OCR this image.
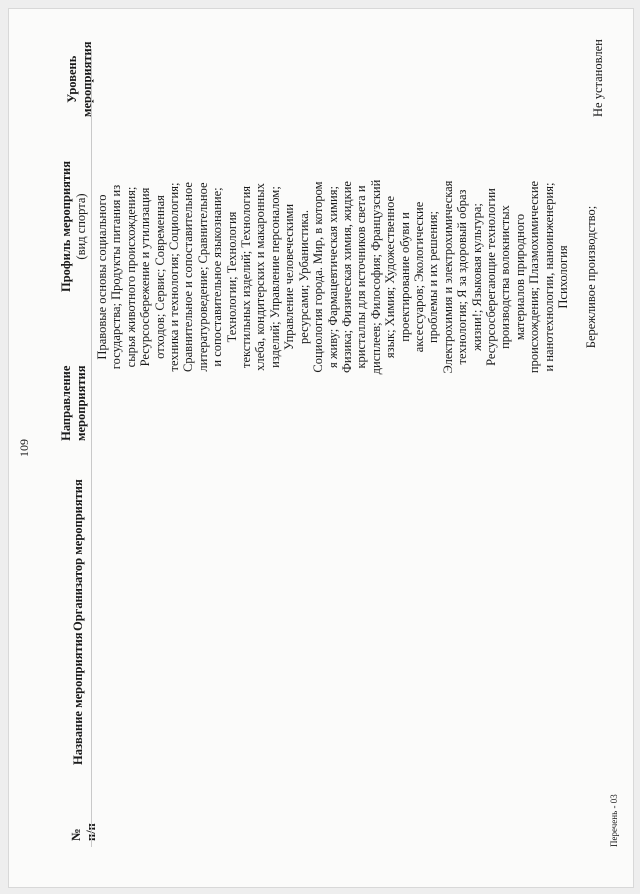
109
№ п/п
Название мероприятия
Организатор мероприятия
Направление мероприятия
Профиль мероприятия (вид спорта)
Уровень мероприятия
Правовые основы социального государства; Продукты питания из сырья животного происхождения; Ресурсосбережение и утилизация отходов; Сервис; Современная техника и технология; Социология; Сравнительное и сопоставительное литературоведение; Сравнительное и сопоставительное языкознание; Технологии; Технология текстильных изделий; Технология хлеба, кондитерских и макаронных изделий; Управление персоналом; Управление человеческими ресурсами; Урбанистика. Социология города. Мир, в котором я живу; Фармацевтическая химия; Физика; Физическая химия, жидкие кристаллы для источников света и дисплеев; Философия; Французский язык; Химия; Художественное проектирование обуви и аксессуаров; Экологические проблемы и их решения; Электрохимия и электрохимическая технология; Я за здоровый образ жизни!; Языковая культура; Ресурсосберегающие технологии производства волокнистых материалов природного происхождения; Плазмохимические и нанотехнологии, наноинженерия; Психология Бережливое производство;
Не установлен
Перечень - 03
